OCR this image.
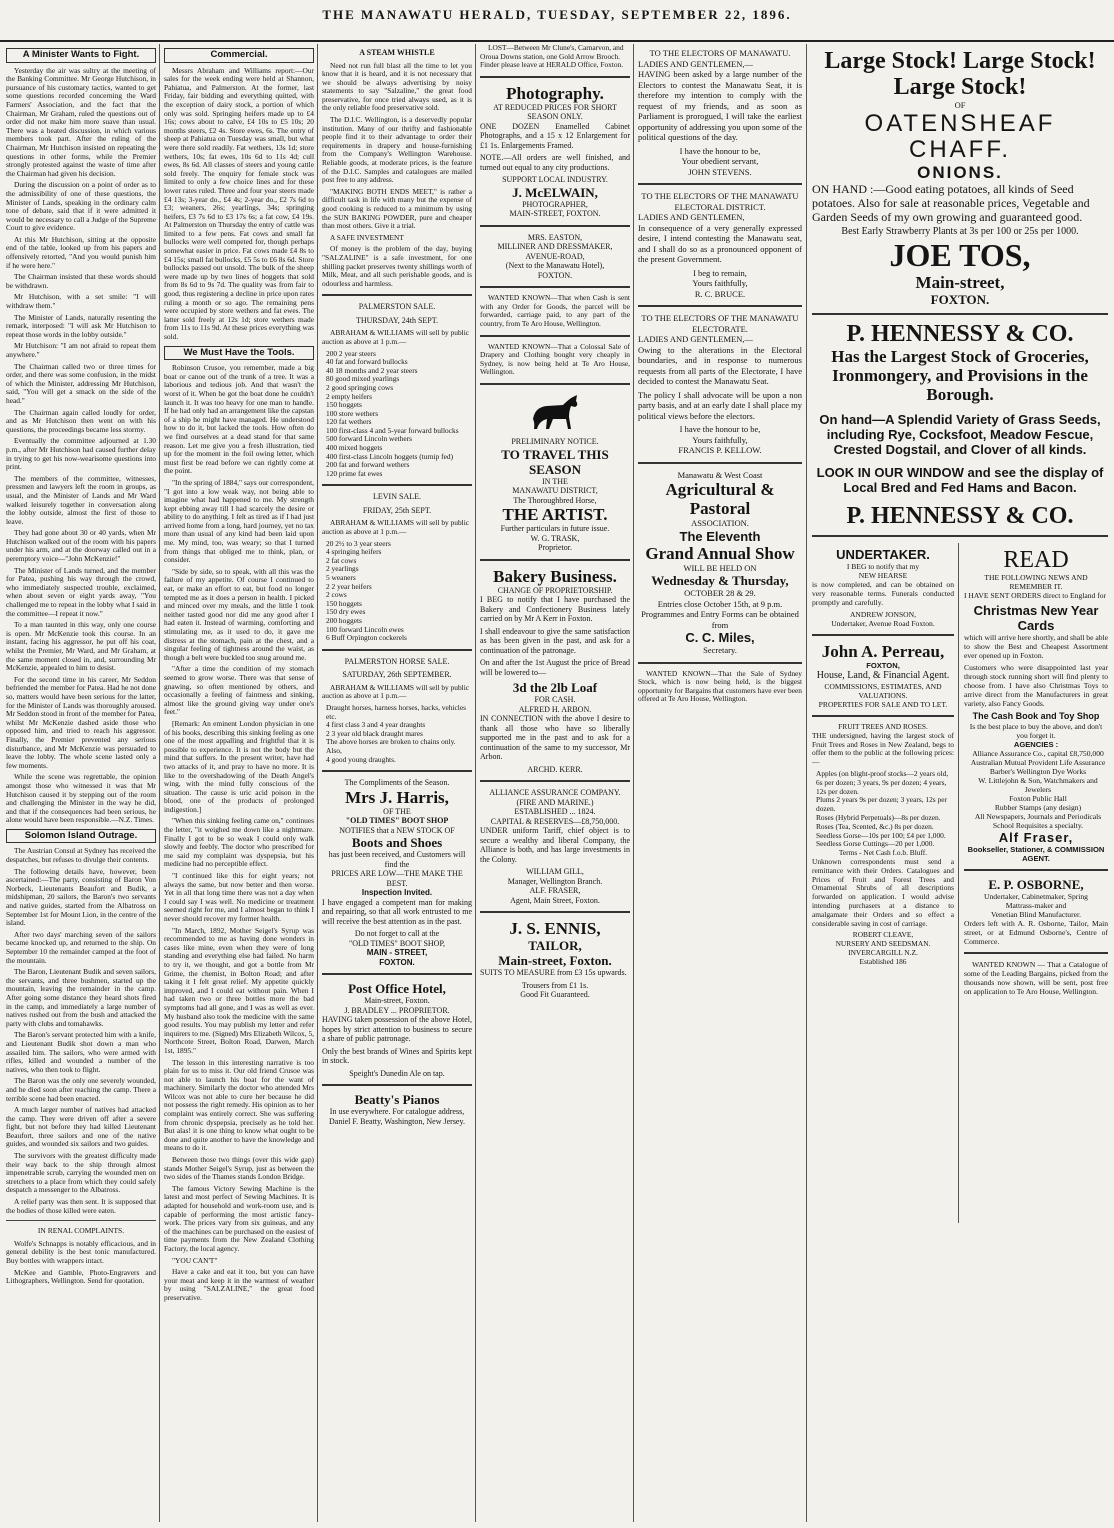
THE MANAWATU HERALD, TUESDAY, SEPTEMBER 22, 1896.
A Minister Wants to Fight.

Yesterday the air was sultry at the meeting of the Banking Committee. Mr George Hutchison, in pursuance of his customary tactics, wanted to get some questions recorded concerning the Ward Farmers' Association, and the fact that the Chairman, Mr Graham, ruled the questions out of order did not make him more suave than usual. There was a heated discussion, in which various members took part. After the ruling of the Chairman, Mr Hutchison insisted on repeating the questions in other forms, while the Premier strongly protested against the waste of time after the Chairman had given his decision.

During the discussion on a point of order as to the admissibility of one of these questions, the Minister of Lands, speaking in the ordinary calm tone of debate, said that if it were admitted it would be necessary to call a Judge of the Supreme Court to give evidence.

At this Mr Hutchison, sitting at the opposite end of the table, looked up from his papers and offensively retorted, "And you would punish him if he were here."

The Chairman insisted that these words should be withdrawn.

Mr Hutchison, with a set smile: "I will withdraw them."

The Minister of Lands, naturally resenting the remark, interposed: "I will ask Mr Hutchison to repeat those words in the lobby outside."

Mr Hutchison: "I am not afraid to repeat them anywhere."

The Chairman called two or three times for order, and there was some confusion, in the midst of which the Minister, addressing Mr Hutchison, said, "You will get a smack on the side of the head."

The Chairman again called loudly for order, and as Mr Hutchison then went on with his questions, the proceedings became less stormy.

Eventually the committee adjourned at 1.30 p.m., after Mr Hutchison had caused further delay in trying to get his now-wearisome questions into print.

The members of the committee, witnesses, pressmen and lawyers left the room in groups, as usual, and the Minister of Lands and Mr Ward walked leisurely together in conversation along the lobby outside, almost the first of those to leave.

They had gone about 30 or 40 yards, when Mr Hutchison walked out of the room with his papers under his arm, and at the doorway called out in a peremptory voice—"John McKenzie!"

The Minister of Lands turned, and the member for Patea, pushing his way through the crowd, who immediately suspected trouble, exclaimed, when about seven or eight yards away, "You challenged me to repeat in the lobby what I said in the committee—I repeat it now."

To a man taunted in this way, only one course is open. Mr McKenzie took this course. In an instant, facing his aggressor, he put off his coat, whilst the Premier, Mr Ward, and Mr Graham, at the same moment closed in, and, surrounding Mr McKenzie, appealed to him to desist.

For the second time in his career, Mr Seddon befriended the member for Patea. Had he not done so, matters would have been serious for the latter, for the Minister of Lands was thoroughly aroused. Mr Seddon stood in front of the member for Patea, whilst Mr McKenzie dashed aside those who opposed him, and tried to reach his aggressor. Finally, the Premier prevented any serious disturbance, and Mr McKenzie was persuaded to leave the lobby. The whole scene lasted only a few moments.

While the scene was regrettable, the opinion amongst those who witnessed it was that Mr Hutchison caused it by stepping out of the room and challenging the Minister in the way he did, and that if the consequences had been serious, he alone would have been responsible.—N.Z. Times.

Solomon Island Outrage.

The Austrian Consul at Sydney has received the despatches, but refuses to divulge their contents.

The following details have, however, been ascertained:—The party, consisting of Baron Von Norbeck, Lieutenants Beaufort and Budik, a midshipman, 20 sailors, the Baron's two servants and native guides, started from the Albatross on September 1st for Mount Lion, in the centre of the island.

After two days' marching seven of the sailors became knocked up, and returned to the ship. On September 10 the remainder camped at the foot of the mountain.

The Baron, Lieutenant Budik and seven sailors, the servants, and three bushmen, started up the mountain, leaving the remainder in the camp. After going some distance they heard shots fired in the camp, and immediately a large number of natives rushed out from the bush and attacked the party with clubs and tomahawks.

The Baron's servant protected him with a knife, and Lieutenant Budik shot down a man who assailed him. The sailors, who were armed with rifles, killed and wounded a number of the natives, who then took to flight.

The Baron was the only one severely wounded, and he died soon after reaching the camp. There a terrible scene had been enacted.

A much larger number of natives had attacked the camp. They were driven off after a severe fight, but not before they had killed Lieutenant Beaufort, three sailors and one of the native guides, and wounded six sailors and two guides.

The survivors with the greatest difficulty made their way back to the ship through almost impenetrable scrub, carrying the wounded men on stretchers to a place from which they could safely despatch a messenger to the Albatross.

A relief party was then sent. It is supposed that the bodies of those killed were eaten.

IN RENAL COMPLAINTS.

Wolfe's Schnapps is notably efficacious, and in general debility is the best tonic manufactured. Buy bottles with wrappers intact.

McKee and Gamble, Photo-Engravers and Lithographers, Wellington. Send for quotation.

Commercial.

Messrs Abraham and Williams report:—Our sales for the week ending were held at Shannon, Pahiatua, and Palmerston. At the former, last Friday, fair bidding and everything quitted, with the exception of dairy stock, a portion of which only was sold. Springing heifers made up to £4 16s; cows about to calve, £4 10s to £5 10s; 20 months steers, £2 4s. Store ewes, 6s. The entry of sheep at Pahiatua on Tuesday was small, but what were there sold readily. Fat wethers, 13s 1d; store wethers, 10s; fat ewes, 10s 6d to 11s 4d; cull ewes, 8s 6d. All classes of steers and young cattle sold freely. The enquiry for female stock was limited to only a few choice lines and for these lower rates ruled. Three and four year steers made £4 13s; 3-year do., £4 4s; 2-year do., £2 7s 6d to £3; weaners, 26s; yearlings, 34s; springing heifers, £3 7s 6d to £3 17s 6s; a fat cow, £4 19s. At Palmerston on Thursday the entry of cattle was limited to a few pens. Fat cows and small fat bullocks were well competed for, though perhaps somewhat easier in price. Fat cows made £4 8s to £4 15s; small fat bullocks, £5 5s to £6 8s 6d. Store bullocks passed out unsold. The bulk of the sheep were made up by two lines of hoggets that sold from 8s 6d to 9s 7d. The quality was from fair to good, thus registering a decline in price upon rates ruling a month or so ago. The remaining pens were occupied by store wethers and fat ewes. The latter sold freely at 12s 1d; store wethers made from 11s to 11s 9d. At these prices everything was sold.

We Must Have the Tools.

Robinson Crusoe, you remember, made a big boat or canoe out of the trunk of a tree. It was a laborious and tedious job. And that wasn't the worst of it. When he got the boat done he couldn't launch it. It was too heavy for one man to handle. If he had only had an arrangement like the capstan of a ship he might have managed. He understood how to do it, but lacked the tools. How often do we find ourselves at a dead stand for that same reason. Let me give you a fresh illustration, tied up for the moment in the foil owing letter, which must first be read before we can rightly come at the point.

"In the spring of 1884," says our correspondent, "I got into a low weak way, not being able to imagine what had happened to me. My strength kept ebbing away till I had scarcely the desire or ability to do anything. I felt as tired as if I had just arrived home from a long, hard journey, yet no tax more than usual of any kind had been laid upon me. My mind, too, was weary; so that I turned from things that obliged me to think, plan, or consider.

"Side by side, so to speak, with all this was the failure of my appetite. Of course I continued to eat, or make an effort to eat, but food no longer tempted me as it does a person in health. I picked and minced over my meals, and the little I took neither tasted good nor did me any good after I had eaten it. Instead of warming, comforting and stimulating me, as it used to do, it gave me distress at the stomach, pain at the chest, and a singular feeling of tightness around the waist, as though a belt were buckled too snug around me.

"After a time the condition of my stomach seemed to grow worse. There was that sense of gnawing, so often mentioned by others, and occasionally a feeling of faintness and sinking, almost like the ground giving way under one's feet."

[Remark: An eminent London physician in one of his books, describing this sinking feeling as one one of the most appalling and frightful that it is possible to experience. It is not the body but the mind that suffers. In the present writer, have had two attacks of it, and pray to have no more. It is like to the overshadowing of the Death Angel's wing, with the mind fully conscious of the situation. The cause is uric acid poison in the blood, one of the products of prolonged indigestion.]

"When this sinking feeling came on," continues the letter, "it weighed me down like a nightmare. Finally I got to be so weak I could only walk slowly and feebly. The doctor who prescribed for me said my complaint was dyspepsia, but his medicine had no perceptible effect.

"I continued like this for eight years; not always the same, but now better and then worse. Yet in all that long time there was not a day when I could say I was well. No medicine or treatment seemed right for me, and I almost began to think I never should recover my former health.

"In March, 1892, Mother Seigel's Syrup was recommended to me as having done wonders in cases like mine, even when they were of long standing and everything else had failed. No harm to try it, we thought, and got a bottle from Mr Grime, the chemist, in Bolton Road; and after taking it I felt great relief. My appetite quickly improved, and I could eat without pain. When I had taken two or three bottles more the bad symptoms had all gone, and I was as well as ever. My husband also took the medicine with the same good results. You may publish my letter and refer inquirers to me. (Signed) Mrs Elizabeth Wilcox, 5, Northcote Street, Bolton Road, Darwen, March 1st, 1895."

The lesson in this interesting narrative is too plain for us to miss it. Our old friend Crusoe was not able to launch his boat for the want of machinery. Similarly the doctor who attended Mrs Wilcox was not able to cure her because he did not possess the right remedy. His opinion as to her complaint was entirely correct. She was suffering from chronic dyspepsia, precisely as he told her. But alas! it is one thing to know what ought to be done and quite another to have the knowledge and means to do it.

Between those two things (over this wide gap) stands Mother Seigel's Syrup, just as between the two sides of the Thames stands London Bridge.

The famous Victory Sewing Machine is the latest and most perfect of Sewing Machines. It is adapted for household and work-room use, and is capable of performing the most artistic fancy-work. The prices vary from six guineas, and any of the machines can be purchased on the easiest of time payments from the New Zealand Clothing Factory, the local agency.

"YOU CAN'T"

Have a cake and eat it too, but you can have your meat and keep it in the warmest of weather by using "SALZALINE," the great food preservative.

A STEAM WHISTLE

Need not run full blast all the time to let you know that it is heard, and it is not necessary that we should be always advertising by noisy statements to say "Salzaline," the great food preservative, for once tried always used, as it is the only reliable food preservative sold.

The D.I.C. Wellington, is a deservedly popular institution. Many of our thrifty and fashionable people find it to their advantage to order their requirements in drapery and house-furnishing from the Company's Wellington Warehouse. Reliable goods, at moderate prices, is the feature of the D.I.C. Samples and catalogues are mailed post free to any address.

"MAKING BOTH ENDS MEET," is rather a difficult task in life with many but the expense of good cooking is reduced to a minimum by using the SUN BAKING POWDER, pure and cheaper than most others. Give it a trial.

A SAFE INVESTMENT

Of money is the problem of the day, buying "SALZALINE" is a safe investment, for one shilling packet preserves twenty shillings worth of Milk, Meat, and all such perishable goods, and is odourless and harmless.

PALMERSTON SALE.
THURSDAY, 24th SEPT.

ABRAHAM & WILLIAMS will sell by public auction as above at 1 p.m.—

200 2 year steers
40 fat and forward bullocks
40 18 months and 2 year steers
80 good mixed yearlings
2 good springing cows
2 empty heifers
150 hoggets
100 store wethers
120 fat wethers
100 first-class 4 and 5-year forward bullocks
500 forward Lincoln wethers
400 mixed hoggets
400 first-class Lincoln hoggets (turnip fed)
200 fat and forward wethers
120 prime fat ewes
LEVIN SALE.
FRIDAY, 25th SEPT.

ABRAHAM & WILLIAMS will sell by public auction as above at 1 p.m.—

20 2½ to 3 year steers
4 springing heifers
2 fat cows
2 yearlings
5 weaners
2 2 year heifers
2 cows
150 hoggets
150 dry ewes
200 hoggets
100 forward Lincoln ewes
6 Buff Orpington cockerels
PALMERSTON HORSE SALE.
SATURDAY, 26th SEPTEMBER.

ABRAHAM & WILLIAMS will sell by public auction as above at 1 p.m.—

Draught horses, harness horses, hacks, vehicles etc.
4 first class 3 and 4 year draughts
2 3 year old black draught mares
The above horses are broken to chains only.
Also,
4 good young draughts.
The Compliments of the Season.
Mrs J. Harris,
OF THE
"OLD TIMES" BOOT SHOP
NOTIFIES that a NEW STOCK OF
Boots and Shoes
has just been received, and Customers will find the
PRICES ARE LOW—THE MAKE THE BEST.
Inspection Invited.

I have engaged a competent man for making and repairing, so that all work entrusted to me will receive the best attention as in the past.

Do not forget to call at the
"OLD TIMES" BOOT SHOP,
MAIN - STREET,
FOXTON.
Post Office Hotel,
Main-street, Foxton.
J. BRADLEY ... PROPRIETOR.

HAVING taken possession of the above Hotel, hopes by strict attention to business to secure a share of public patronage.

Only the best brands of Wines and Spirits kept in stock.

Speight's Dunedin Ale on tap.
Beatty's Pianos
In use everywhere. For catalogue address, Daniel F. Beatty, Washington, New Jersey.

LOST—Between Mr Clune's, Carnarvon, and Oroua Downs station, one Gold Arrow Brooch. Finder please leave at HERALD Office, Foxton.

Photography.
AT REDUCED PRICES FOR SHORT SEASON ONLY.

ONE DOZEN Enamelled Cabinet Photographs, and a 15 x 12 Enlargement for £1 1s. Enlargements Framed.

NOTE.—All orders are well finished, and turned out equal to any city productions.

SUPPORT LOCAL INDUSTRY.
J. McELWAIN,
PHOTOGRAPHER,
MAIN-STREET, FOXTON.
MRS. EASTON,
MILLINER AND DRESSMAKER,
AVENUE-ROAD,
(Next to the Manawatu Hotel),
FOXTON.

WANTED KNOWN—That when Cash is sent with any Order for Goods, the parcel will be forwarded, carriage paid, to any part of the country, from Te Aro House, Wellington.

WANTED KNOWN—That a Colossal Sale of Drapery and Clothing bought very cheaply in Sydney, is now being held at Te Aro House, Wellington.

PRELIMINARY NOTICE.
TO TRAVEL THIS SEASON
IN THE
MANAWATU DISTRICT,
The Thoroughbred Horse,
THE ARTIST.
Further particulars in future issue.
W. G. TRASK,
Proprietor.
Bakery Business.
CHANGE OF PROPRIETORSHIP.

I BEG to notify that I have purchased the Bakery and Confectionery Business lately carried on by Mr A Kerr in Foxton.

I shall endeavour to give the same satisfaction as has been given in the past, and ask for a continuation of the patronage.

On and after the 1st August the price of Bread will be lowered to—

3d the 2lb Loaf
FOR CASH.
ALFRED H. ARBON.

IN CONNECTION with the above I desire to thank all those who have so liberally supported me in the past and to ask for a continuation of the same to my successor, Mr Arbon.

ARCHD. KERR.
ALLIANCE ASSURANCE COMPANY.
(FIRE AND MARINE.)
ESTABLISHED ... 1824.
CAPITAL & RESERVES—£8,750,000.

UNDER uniform Tariff, chief object is to secure a wealthy and liberal Company, the Alliance is both, and has large investments in the Colony.

WILLIAM GILL,
Manager, Wellington Branch.
ALF. FRASER,
Agent, Main Street, Foxton.
J. S. ENNIS,
TAILOR,
Main-street, Foxton.

SUITS TO MEASURE from £3 15s upwards.

Trousers from £1 1s.
Good Fit Guaranteed.
TO THE ELECTORS OF MANAWATU.
LADIES AND GENTLEMEN,—

HAVING been asked by a large number of the Electors to contest the Manawatu Seat, it is therefore my intention to comply with the request of my friends, and as soon as Parliament is prorogued, I will take the earliest opportunity of addressing you upon some of the political questions of the day.

I have the honour to be,
Your obedient servant,
JOHN STEVENS.
TO THE ELECTORS OF THE MANAWATU ELECTORAL DISTRICT.
LADIES AND GENTLEMEN,

In consequence of a very generally expressed desire, I intend contesting the Manawatu seat, and I shall do so as a pronounced opponent of the present Government.

I beg to remain,
Yours faithfully,
R. C. BRUCE.
TO THE ELECTORS OF THE MANAWATU ELECTORATE.
LADIES AND GENTLEMEN,—

Owing to the alterations in the Electoral boundaries, and in response to numerous requests from all parts of the Electorate, I have decided to contest the Manawatu Seat.

The policy I shall advocate will be upon a non party basis, and at an early date I shall place my political views before the electors.

I have the honour to be,
Yours faithfully,
FRANCIS P. KELLOW.
Manawatu & West Coast
Agricultural & Pastoral
ASSOCIATION.
The Eleventh
Grand Annual Show
WILL BE HELD ON
Wednesday & Thursday,
OCTOBER 28 & 29.
Entries close October 15th, at 9 p.m.
Programmes and Entry Forms can be obtained from
C. C. Miles,
Secretary.

WANTED KNOWN—That the Sale of Sydney Stock, which is now being held, is the biggest opportunity for Bargains that customers have ever been offered at Te Aro House, Wellington.

Large Stock! Large Stock!
Large Stock!
OF
OATENSHEAF CHAFF.
ONIONS.

ON HAND :—Good eating potatoes, all kinds of Seed potatoes. Also for sale at reasonable prices, Vegetable and Garden Seeds of my own growing and guaranteed good.

Best Early Strawberry Plants at 3s per 100 or 25s per 1000.
JOE TOS,
Main-street,
FOXTON.
P. HENNESSY & CO.
Has the Largest Stock of Groceries, Ironmongery, and Provisions in the Borough.
On hand—A Splendid Variety of Grass Seeds, including Rye, Cocksfoot, Meadow Fescue, Crested Dogstail, and Clover of all kinds.
LOOK IN OUR WINDOW and see the display of Local Bred and Fed Hams and Bacon.
P. HENNESSY & CO.
UNDERTAKER.
I BEG to notify that my
NEW HEARSE

is now completed, and can be obtained on very reasonable terms. Funerals conducted promptly and carefully.

ANDREW JONSON,
Undertaker, Avenue Road Foxton.
John A. Perreau,
FOXTON,
House, Land, & Financial Agent.
COMMISSIONS, ESTIMATES, AND VALUATIONS.
PROPERTIES FOR SALE AND TO LET.
FRUIT TREES AND ROSES.

THE undersigned, having the largest stock of Fruit Trees and Roses in New Zealand, begs to offer them to the public at the following prices:—

Apples (on blight-proof stocks—2 years old, 6s per dozen; 3 years, 9s per dozen; 4 years, 12s per dozen.
Plums 2 years 9s per dozen; 3 years, 12s per dozen.
Roses (Hybrid Perpetuals)—8s per dozen.
Roses (Tea, Scented, &c.) 8s per dozen.
Seedless Gorse—10s per 100; £4 per 1,000.
Seedless Gorse Cuttings—20 per 1,000.
Terms - Net Cash f.o.b. Bluff.

Unknown correspondents must send a remittance with their Orders. Catalogues and Prices of Fruit and Forest Trees and Ornamental Shrubs of all descriptions forwarded on application. I would advise intending purchasers at a distance to amalgamate their Orders and so effect a considerable saving in cost of carriage.

ROBERT CLEAVE,
NURSERY AND SEEDSMAN.
INVERCARGILL N.Z.
Established 186
READ
THE FOLLOWING NEWS AND REMEMBER IT.

I HAVE SENT ORDERS direct to England for

Christmas New Year Cards

which will arrive here shortly, and shall be able to show the Best and Cheapest Assortment ever opened up in Foxton.

Customers who were disappointed last year through stock running short will find plenty to choose from. I have also Christmas Toys to arrive direct from the Manufacturers in great variety, also Fancy Goods.

The Cash Book and Toy Shop
Is the best place to buy the above, and don't you forget it.
AGENCIES :
Alliance Assurance Co., capital £8,750,000
Australian Mutual Provident Life Assurance
Barber's Wellington Dye Works
W. Littlejohn & Son, Watchmakers and Jewelers
Foxton Public Hall
Rubber Stamps (any design)
All Newspapers, Journals and Periodicals
School Requisites a specialty.
Alf Fraser,
Bookseller, Stationer, & COMMISSION AGENT.
E. P. OSBORNE,
Undertaker, Cabinetmaker, Spring
Mattrass-maker and
Venetian Blind Manufacturer.

Orders left with A. R. Osborne, Tailor, Main street, or at Edmund Osborne's, Centre of Commerce.

WANTED KNOWN — That a Catalogue of some of the Leading Bargains, picked from the thousands now shown, will be sent, post free on application to Te Aro House, Wellington.
